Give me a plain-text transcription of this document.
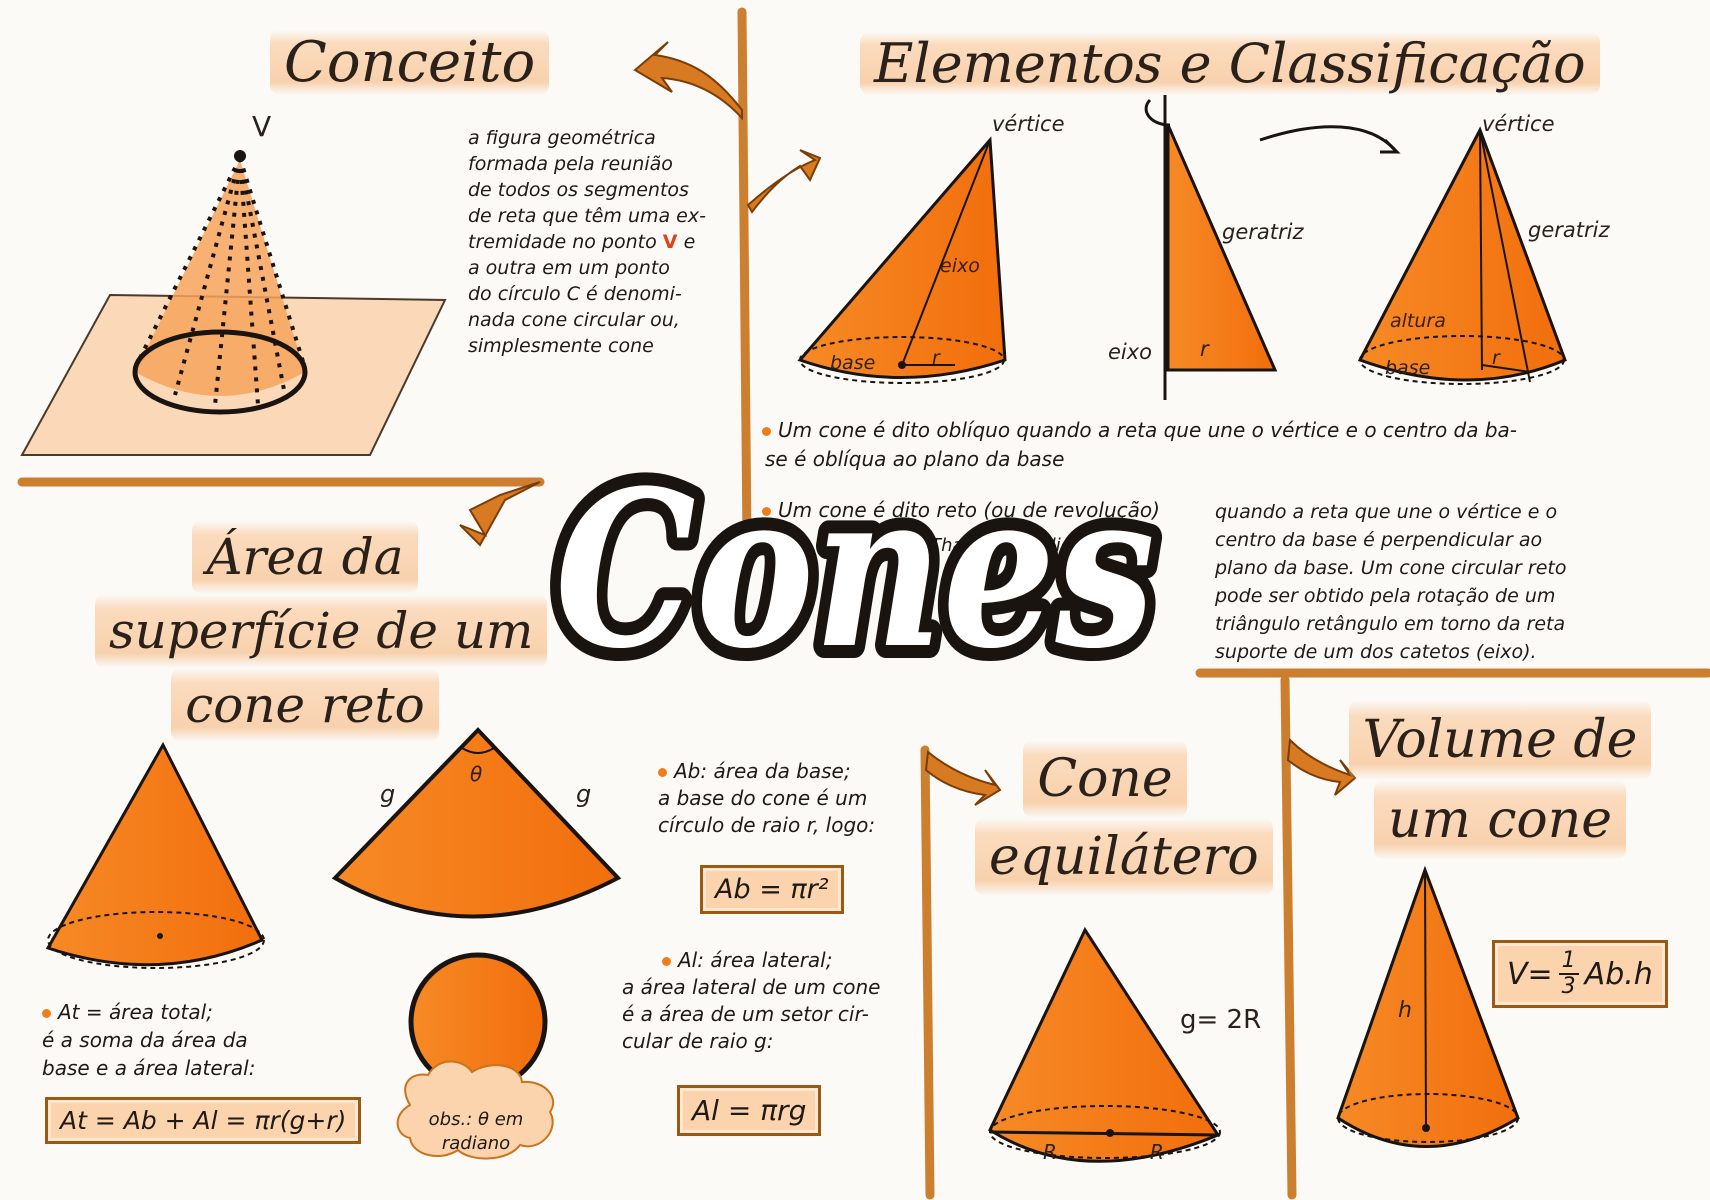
Conceito
V	a figura geométrica
formada pela reunião
de todos os segmentos
de reta que têm uma ex-
tremidade no ponto V e
a outra em um ponto
do círculo C é denomi-
nada cone circular ou,
simplesmente cone
Elementos e Classificação
vértice
eixo
base	r
geratriz
eixo r
vértice
geratriz
altura
base	r
Um cone é dito oblíquo quando a reta que une o vértice e o centro da ba-
se é oblíqua ao plano da base
Um cone é dito reto (ou de revolução)	quando a reta que une o vértice e o
centro da base é perpendicular ao
plano da base. Um cone circular reto
pode ser obtido pela rotação de um
triângulo retângulo em torno da reta
suporte de um dos catetos (eixo).
Profa. Thalita Cornelio
Cones
Área da
superfície de um
cone reto
g	g
θ
At = área total;
é a soma da área da
base e a área lateral:
At = Ab + Al = πr(g+r)	obs.: θ em
radiano
Ab: área da base;
a base do cone é um
círculo de raio r, logo:
Ab = πr²
Al: área lateral;
a área lateral de um cone
é a área de um setor cir-
cular de raio g:
Al = πrg
Cone
equilátero
g= 2R
R	R
Volume de
um cone
h
$V= \frac{1}{3} Ab.h$
